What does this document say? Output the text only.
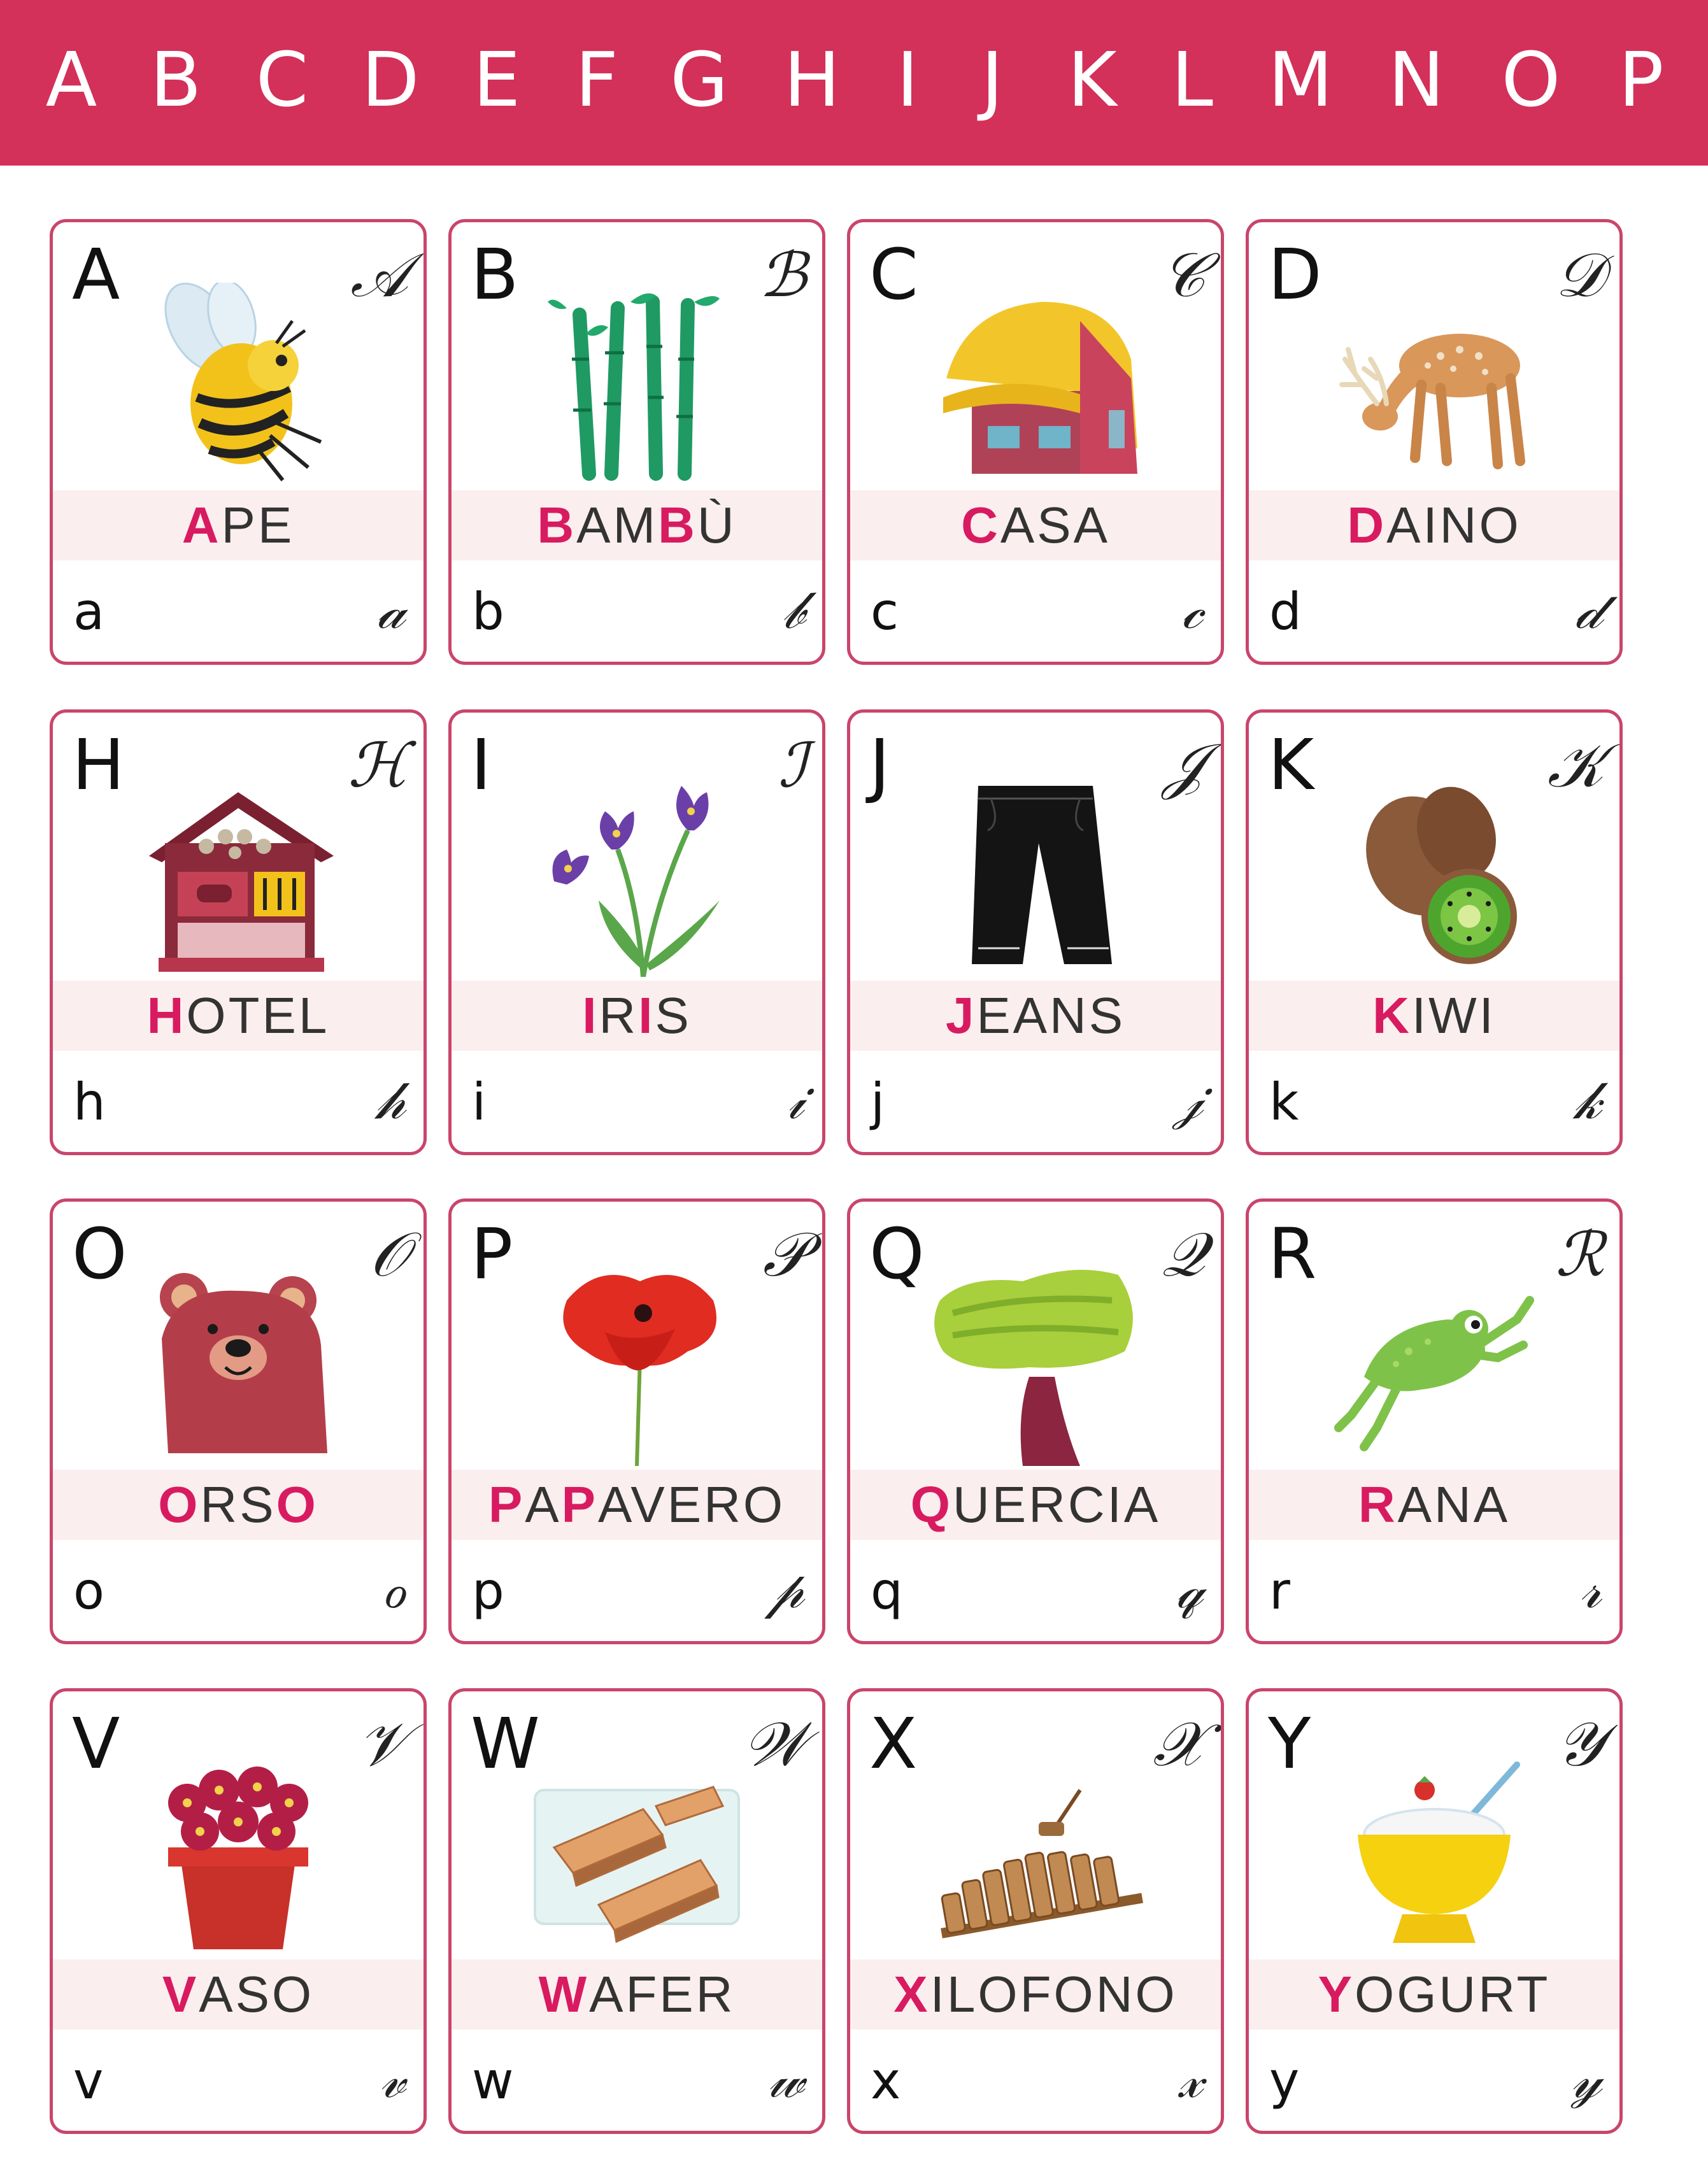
A B C D E F G H I J K L M N O P
A	𝒜
a	𝒶
APE
B	ℬ
b	𝒷
BAMBÙ
C	𝒞
c	𝒸
CASA
D	𝒟
d	𝒹
DAINO
H	ℋ
h	𝒽
HOTEL
I	ℐ
i	𝒾
IRIS
J	𝒥
j	𝒿
JEANS
K	𝒦
k	𝓀
KIWI
O	𝒪
o	ℴ
ORSO
P	𝒫
p	𝓅
PAPAVERO
Q	𝒬
q	𝓆
QUERCIA
R	ℛ
r	𝓇
RANA
V	𝒱
v	𝓋
VASO
W	𝒲
w	𝓌
WAFER
X	𝒳
x	𝓍
XILOFONO
Y	𝒴
y	𝓎
YOGURT
